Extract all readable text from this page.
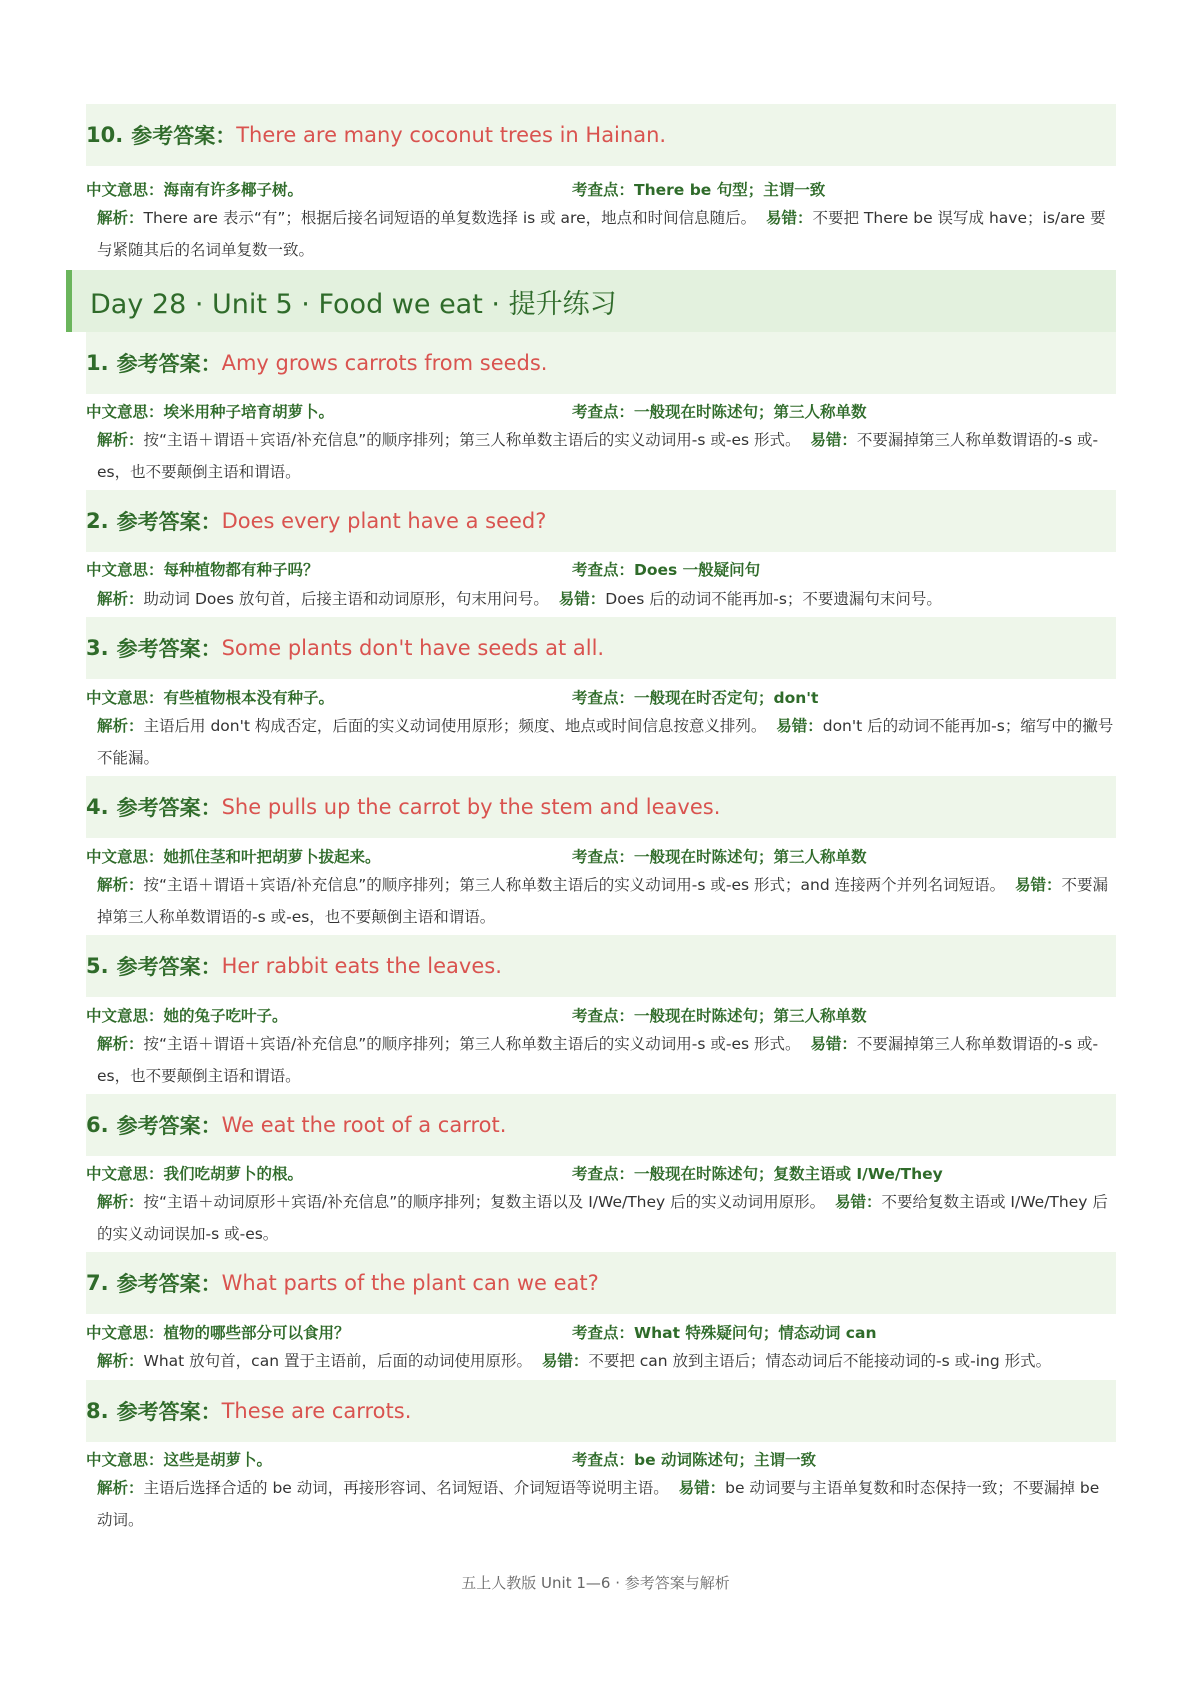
10. 参考答案： There are many coconut trees in Hainan.
中文意思：海南有许多椰子树。	考查点：There be 句型；主谓一致
解析：There are 表示“有”；根据后接名词短语的单复数选择 is 或 are，地点和时间信息随后。 易错：不要把 There be 误写成 have；is/are 要与紧随其后的名词单复数一致。
Day 28 · Unit 5 · Food we eat · 提升练习
1. 参考答案： Amy grows carrots from seeds.
中文意思：埃米用种子培育胡萝卜。	考查点：一般现在时陈述句；第三人称单数
解析：按“主语＋谓语＋宾语/补充信息”的顺序排列；第三人称单数主语后的实义动词用-s 或-es 形式。 易错：不要漏掉第三人称单数谓语的-s 或-es，也不要颠倒主语和谓语。
2. 参考答案： Does every plant have a seed?
中文意思：每种植物都有种子吗？	考查点：Does 一般疑问句
解析：助动词 Does 放句首，后接主语和动词原形，句末用问号。 易错：Does 后的动词不能再加-s；不要遗漏句末问号。
3. 参考答案： Some plants don't have seeds at all.
中文意思：有些植物根本没有种子。	考查点：一般现在时否定句；don't
解析：主语后用 don't 构成否定，后面的实义动词使用原形；频度、地点或时间信息按意义排列。 易错：don't 后的动词不能再加-s；缩写中的撇号不能漏。
4. 参考答案： She pulls up the carrot by the stem and leaves.
中文意思：她抓住茎和叶把胡萝卜拔起来。	考查点：一般现在时陈述句；第三人称单数
解析：按“主语＋谓语＋宾语/补充信息”的顺序排列；第三人称单数主语后的实义动词用-s 或-es 形式；and 连接两个并列名词短语。 易错：不要漏掉第三人称单数谓语的-s 或-es，也不要颠倒主语和谓语。
5. 参考答案： Her rabbit eats the leaves.
中文意思：她的兔子吃叶子。	考查点：一般现在时陈述句；第三人称单数
解析：按“主语＋谓语＋宾语/补充信息”的顺序排列；第三人称单数主语后的实义动词用-s 或-es 形式。 易错：不要漏掉第三人称单数谓语的-s 或-es，也不要颠倒主语和谓语。
6. 参考答案： We eat the root of a carrot.
中文意思：我们吃胡萝卜的根。	考查点：一般现在时陈述句；复数主语或 I/We/They
解析：按“主语＋动词原形＋宾语/补充信息”的顺序排列；复数主语以及 I/We/They 后的实义动词用原形。 易错：不要给复数主语或 I/We/They 后的实义动词误加-s 或-es。
7. 参考答案： What parts of the plant can we eat?
中文意思：植物的哪些部分可以食用？	考查点：What 特殊疑问句；情态动词 can
解析：What 放句首，can 置于主语前，后面的动词使用原形。 易错：不要把 can 放到主语后；情态动词后不能接动词的-s 或-ing 形式。
8. 参考答案： These are carrots.
中文意思：这些是胡萝卜。	考查点：be 动词陈述句；主谓一致
解析：主语后选择合适的 be 动词，再接形容词、名词短语、介词短语等说明主语。 易错：be 动词要与主语单复数和时态保持一致；不要漏掉 be 动词。
五上人教版 Unit 1—6 · 参考答案与解析
